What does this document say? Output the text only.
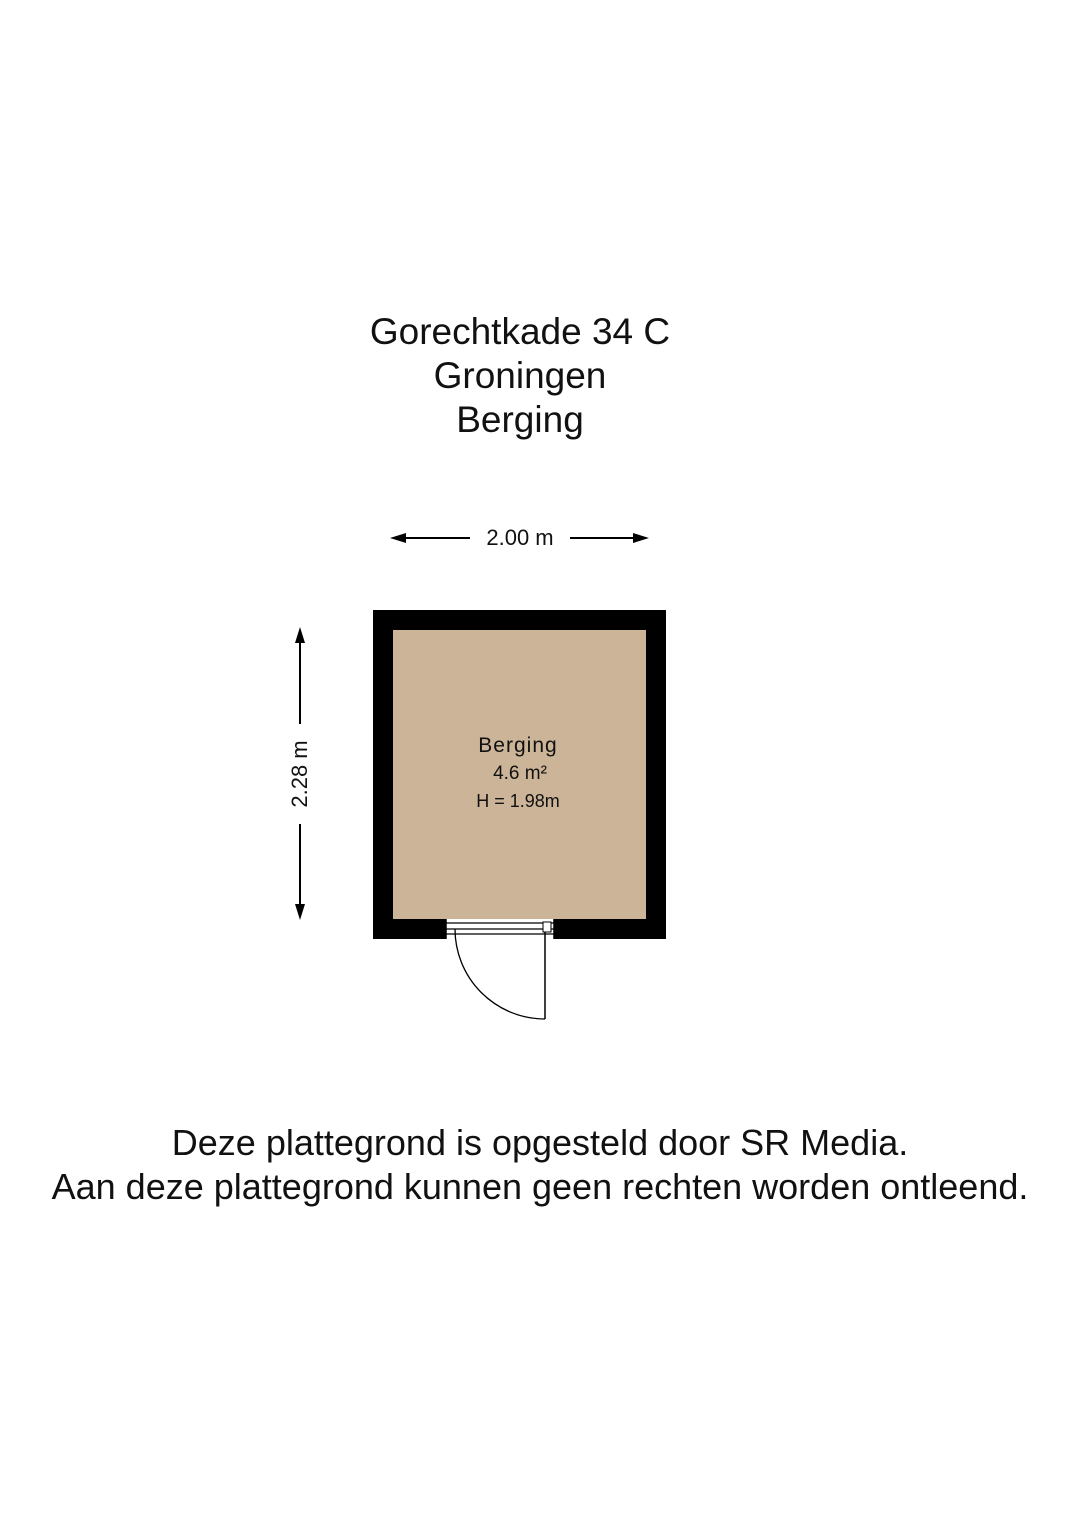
Gorechtkade 34 C
Groningen
Berging
2.00 m
2.28 m	Berging
4.6 m²
H = 1.98m
Deze plattegrond is opgesteld door SR Media.
Aan deze plattegrond kunnen geen rechten worden ontleend.
